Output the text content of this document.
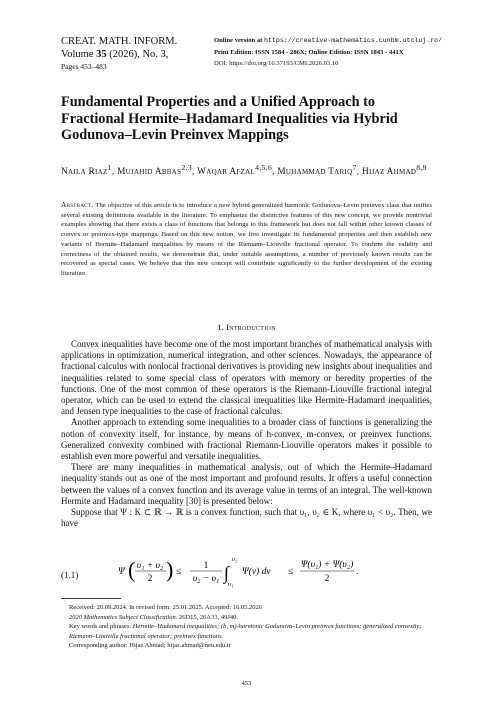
CREAT. MATH. INFORM.
Volume 35 (2026), No. 3,
Pages 453–483
Online version at https://creative-mathematics.cunbm.utcluj.ro/
Print Edition: ISSN 1584 - 286X; Online Edition: ISSN 1843 - 441X
DOI: https://doi.org/10.37193/CMI.2026.03.10
Fundamental Properties and a Unified Approach to Fractional Hermite–Hadamard Inequalities via Hybrid Godunova–Levin Preinvex Mappings
Naila Riaz$^1$, Mujahid Abbas$^{2,3}$, Waqar Afzal$^{4,5,6}$, Muhammad Tariq$^7$, Hijaz Ahmad$^{8,9}$
Abstract. The objective of this article is to introduce a new hybrid generalized harmonic Godunova–Levin preinvex class that unifies several existing definitions available in the literature. To emphasize the distinctive features of this new concept, we provide nontrivial examples showing that there exists a class of functions that belongs to this framework but does not fall within other known classes of convex or preinvex-type mappings. Based on this new notion, we first investigate its fundamental properties and then establish new variants of Hermite–Hadamard inequalities by means of the Riemann–Liouville fractional operator. To confirm the validity and correctness of the obtained results, we demonstrate that, under suitable assumptions, a number of previously known results can be recovered as special cases. We believe that this new concept will contribute significantly to the further development of the existing literature.
1. Introduction

Convex inequalities have become one of the most important branches of mathematical analysis with applications in optimization, numerical integration, and other sciences. Nowadays, the appearance of fractional calculus with nonlocal fractional derivatives is providing new insights about inequalities and inequalities related to some special class of operators with memory or heredity properties of the functions. One of the most common of these operators is the Riemann-Liouville fractional integral operator, which can be used to extend the classical inequalities like Hermite-Hadamard inequalities, and Jensen type inequalities to the case of fractional calculus.

Another approach to extending some inequalities to a broader class of functions is generalizing the notion of convexity itself, for instance, by means of h-convex, m-convex, or preinvex functions. Generalized convexity combined with fractional Riemann-Liouville operators makes it possible to establish even more powerful and versatile inequalities.

There are many inequalities in mathematical analysis, out of which the Hermite–Hadamard inequality stands out as one of the most important and profound results. It offers a useful connection between the values of a convex function and its average value in terms of an integral. The well-known Hermite and Hadamard inequality [30] is presented below:

Suppose that Ψ : K ⊂ ℝ → ℝ is a convex function, such that υ₁, υ₂ ∈ K, where υ₁ < υ₂. Then, we have

(1.1)	Ψ ( υ₁ + υ₂
2 ) ≤
1
υ₂ − υ₁ ∫
υ₂
υ₁
Ψ(ν) dν ≤
Ψ(υ₁) + Ψ(υ₂)
2
.
Received: 20.09.2024. In revised form: 25.01.2025. Accepted: 16.05.2026
2020 Mathematics Subject Classification. 26D15, 26A33, 49J40.
Key words and phrases. Hermite–Hadamard inequalities; (h, m)-harmonic Godunova–Levin preinvex functions; generalized convexity; Riemann–Liouville fractional operator; preinvex functions.
Corresponding author: Hijaz Ahmad; hijaz.ahmad@neu.edu.tr
453
